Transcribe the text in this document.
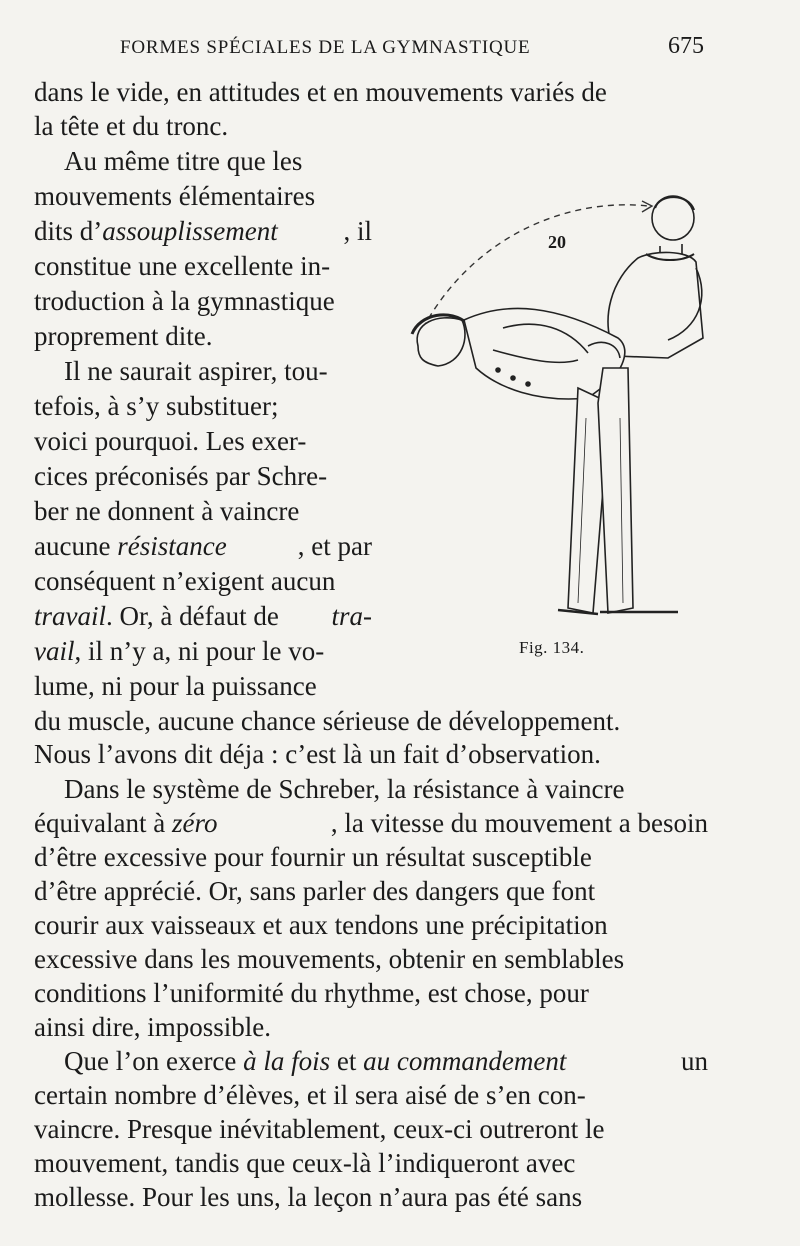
FORMES SPÉCIALES DE LA GYMNASTIQUE	675
dans le vide, en attitudes et en mouvements variés de
la tête et du tronc.
Au même titre que les
mouvements élémentaires
dits d’assouplissement , il
constitue une excellente in-
troduction à la gymnastique
proprement dite.
Il ne saurait aspirer, tou-
tefois, à s’y substituer;
voici pourquoi. Les exer-
cices préconisés par Schre-
ber ne donnent à vaincre
aucune résistance	, et par
conséquent n’exigent aucun
travail. Or, à défaut de tra-
vail, il n’y a, ni pour le vo-
lume, ni pour la puissance
du muscle, aucune chance sérieuse de développement.
Nous l’avons dit déja : c’est là un fait d’observation.
Dans le système de Schreber, la résistance à vaincre
équivalant à zéro	, la vitesse du mouvement a besoin
d’être excessive pour fournir un résultat susceptible
d’être apprécié. Or, sans parler des dangers que font
courir aux vaisseaux et aux tendons une précipitation
excessive dans les mouvements, obtenir en semblables
conditions l’uniformité du rhythme, est chose, pour
ainsi dire, impossible.
Que l’on exerce à la fois et au commandement	un
certain nombre d’élèves, et il sera aisé de s’en con-
vaincre. Presque inévitablement, ceux-ci outreront le
mouvement, tandis que ceux-là l’indiqueront avec
mollesse. Pour les uns, la leçon n’aura pas été sans
20
Fig. 134.
